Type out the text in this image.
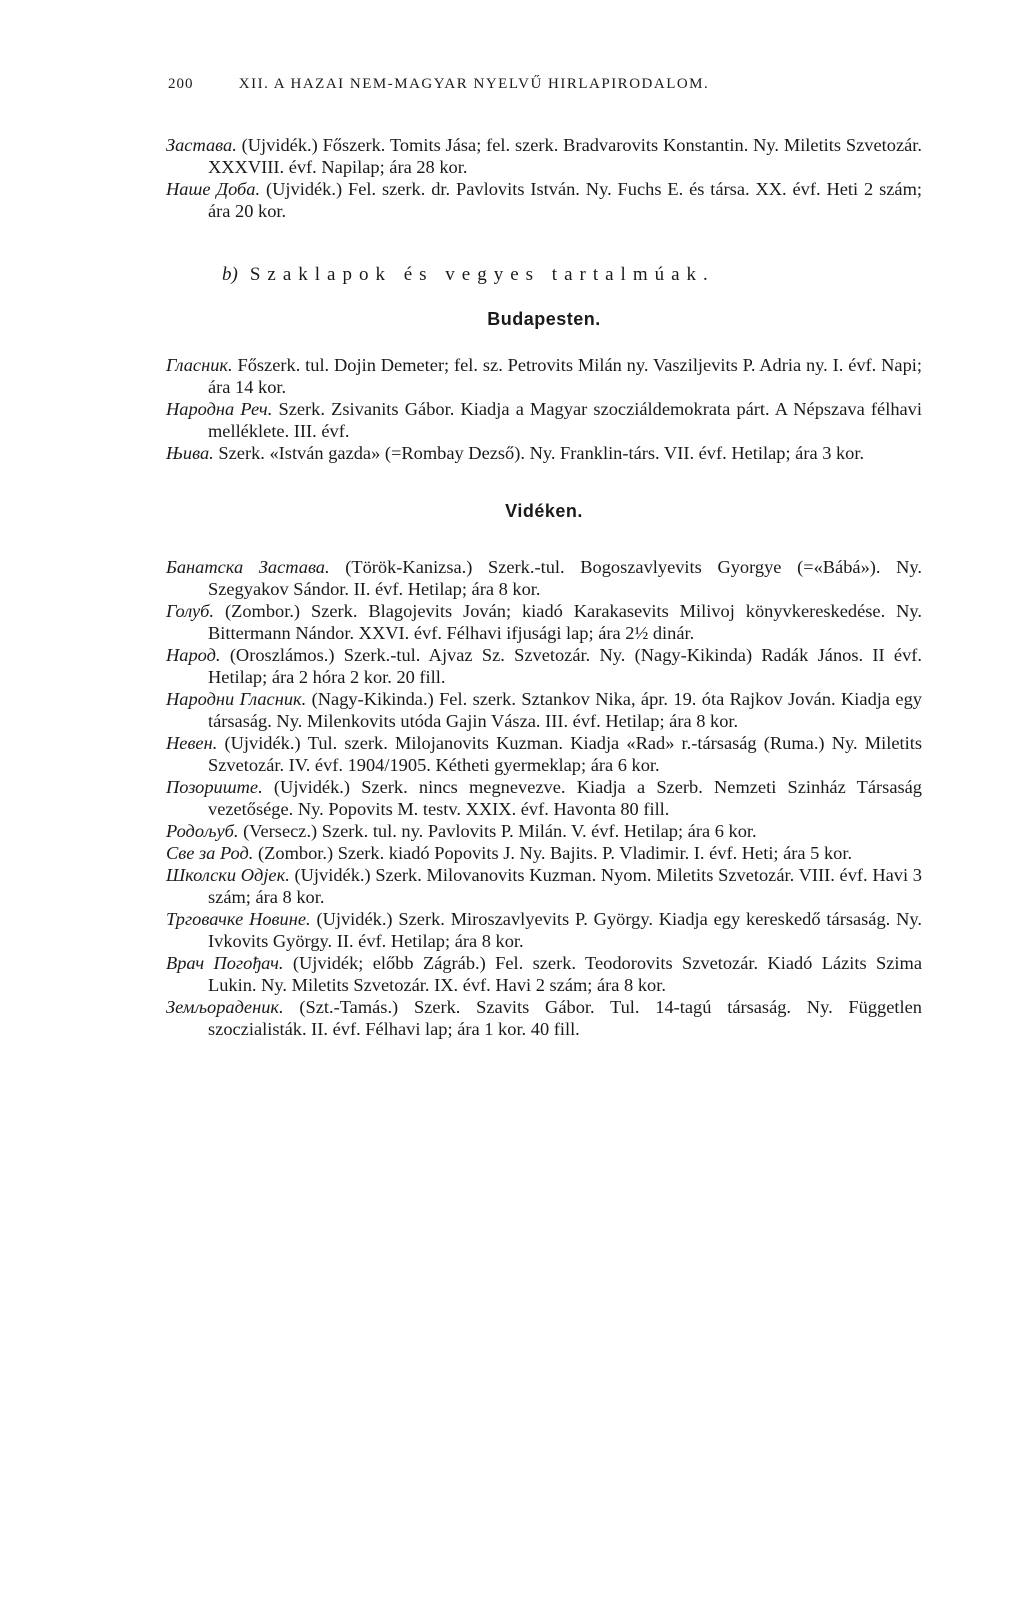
200	XII. A HAZAI NEM-MAGYAR NYELVŰ HIRLAPIRODALOM.

Застава. (Ujvidék.) Főszerk. Tomits Jása; fel. szerk. Bradvarovits Konstantin. Ny. Miletits Szvetozár. XXXVIII. évf. Napilap; ára 28 kor.

Наше Доба. (Ujvidék.) Fel. szerk. dr. Pavlovits István. Ny. Fuchs E. és társa. XX. évf. Heti 2 szám; ára 20 kor.

b) Szaklapok és vegyes tartalmúak.
Budapesten.

Гласник. Főszerk. tul. Dojin Demeter; fel. sz. Petrovits Milán ny. Vasziljevits P. Adria ny. I. évf. Napi; ára 14 kor.

Народна Реч. Szerk. Zsivanits Gábor. Kiadja a Magyar szocziáldemokrata párt. A Népszava félhavi melléklete. III. évf.

Њива. Szerk. «István gazda» (=Rombay Dezső). Ny. Franklin-társ. VII. évf. Hetilap; ára 3 kor.

Vidéken.

Банатска Застава. (Török-Kanizsa.) Szerk.-tul. Bogoszavlyevits Gyorgye (=«Bábá»). Ny. Szegyakov Sándor. II. évf. Hetilap; ára 8 kor.

Голуб. (Zombor.) Szerk. Blagojevits Jován; kiadó Karakasevits Milivoj könyvkereskedése. Ny. Bittermann Nándor. XXVI. évf. Félhavi ifjusági lap; ára 2½ dinár.

Народ. (Oroszlámos.) Szerk.-tul. Ajvaz Sz. Szvetozár. Ny. (Nagy-Kikinda) Radák János. II évf. Hetilap; ára 2 hóra 2 kor. 20 fill.

Народни Гласник. (Nagy-Kikinda.) Fel. szerk. Sztankov Nika, ápr. 19. óta Rajkov Jován. Kiadja egy társaság. Ny. Milenkovits utóda Gajin Vásza. III. évf. Hetilap; ára 8 kor.

Невен. (Ujvidék.) Tul. szerk. Milojanovits Kuzman. Kiadja «Rad» r.-társaság (Ruma.) Ny. Miletits Szvetozár. IV. évf. 1904/1905. Kétheti gyermeklap; ára 6 kor.

Позориште. (Ujvidék.) Szerk. nincs megnevezve. Kiadja a Szerb. Nemzeti Szinház Társaság vezetősége. Ny. Popovits M. testv. XXIX. évf. Havonta 80 fill.

Родољуб. (Versecz.) Szerk. tul. ny. Pavlovits P. Milán. V. évf. Hetilap; ára 6 kor.

Све за Род. (Zombor.) Szerk. kiadó Popovits J. Ny. Bajits. P. Vladimir. I. évf. Heti; ára 5 kor.

Школски Одјек. (Ujvidék.) Szerk. Milovanovits Kuzman. Nyom. Miletits Szvetozár. VIII. évf. Havi 3 szám; ára 8 kor.

Трговачке Новине. (Ujvidék.) Szerk. Miroszavlyevits P. György. Kiadja egy kereskedő társaság. Ny. Ivkovits György. II. évf. Hetilap; ára 8 kor.

Врач Погођач. (Ujvidék; előbb Zágráb.) Fel. szerk. Teodorovits Szvetozár. Kiadó Lázits Szima Lukin. Ny. Miletits Szvetozár. IX. évf. Havi 2 szám; ára 8 kor.

Земљорадeник. (Szt.-Tamás.) Szerk. Szavits Gábor. Tul. 14-tagú társaság. Ny. Független szoczialisták. II. évf. Félhavi lap; ára 1 kor. 40 fill.
